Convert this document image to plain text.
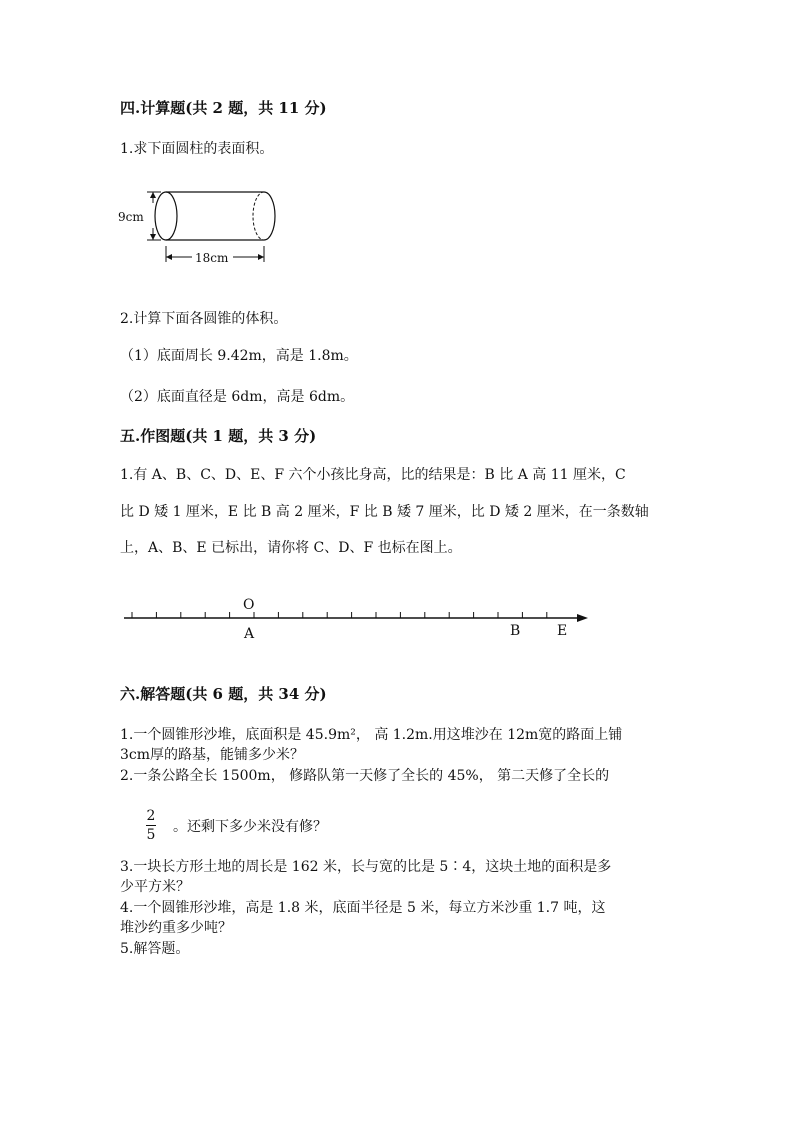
四.计算题(共 2 题，共 11 分)
1.求下面圆柱的表面积。
9cm
18cm
2.计算下面各圆锥的体积。
（1）底面周长 9.42m，高是 1.8m。
（2）底面直径是 6dm，高是 6dm。
五.作图题(共 1 题，共 3 分)
1.有 A、B、C、D、E、F 六个小孩比身高，比的结果是：B 比 A 高 11 厘米，C
比 D 矮 1 厘米，E 比 B 高 2 厘米，F 比 B 矮 7 厘米，比 D 矮 2 厘米，在一条数轴
上，A、B、E 已标出，请你将 C、D、F 也标在图上。
O
A	B	E
六.解答题(共 6 题，共 34 分)
1.一个圆锥形沙堆，底面积是 45.9m²， 高 1.2m.用这堆沙在 12m宽的路面上铺
3cm厚的路基，能铺多少米？
2.一条公路全长 1500m， 修路队第一天修了全长的 45%， 第二天修了全长的
2
5 。还剩下多少米没有修？
3.一块长方形土地的周长是 162 米，长与宽的比是 5∶4，这块土地的面积是多
少平方米？
4.一个圆锥形沙堆，高是 1.8 米，底面半径是 5 米，每立方米沙重 1.7 吨，这
堆沙约重多少吨？
5.解答题。
